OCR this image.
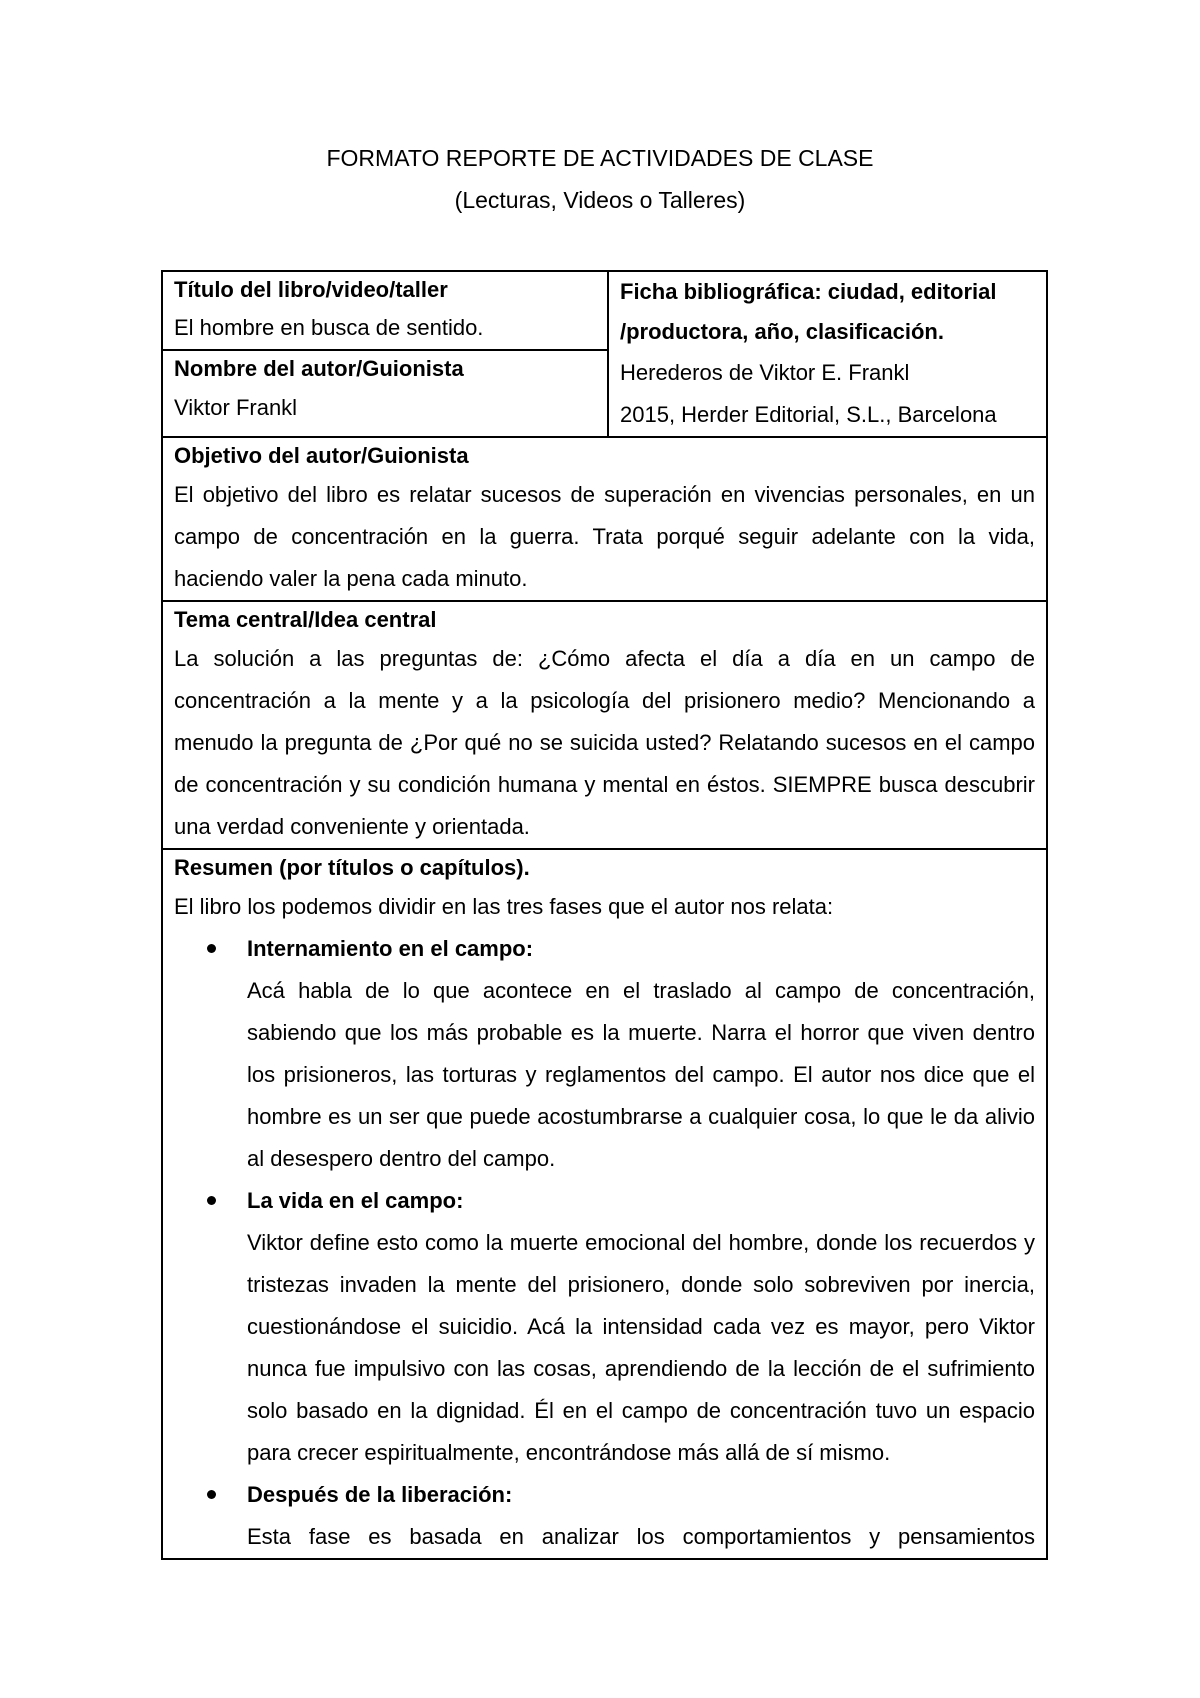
FORMATO REPORTE DE ACTIVIDADES DE CLASE
(Lecturas, Videos o Talleres)
Título del libro/video/taller
El hombre en busca de sentido.

Ficha bibliográfica: ciudad, editorial /productora, año, clasificación.
Herederos de Viktor E. Frankl
2015, Herder Editorial, S.L., Barcelona

Nombre del autor/Guionista
Viktor Frankl

Objetivo del autor/Guionista
El objetivo del libro es relatar sucesos de superación en vivencias personales, en un campo de concentración en la guerra. Trata porqué seguir adelante con la vida, haciendo valer la pena cada minuto.

Tema central/Idea central
La solución a las preguntas de: ¿Cómo afecta el día a día en un campo de concentración a la mente y a la psicología del prisionero medio? Mencionando a menudo la pregunta de ¿Por qué no se suicida usted? Relatando sucesos en el campo de concentración y su condición humana y mental en éstos. SIEMPRE busca descubrir una verdad conveniente y orientada.

Resumen (por títulos o capítulos).
El libro los podemos dividir en las tres fases que el autor nos relata:
Internamiento en el campo:
Acá habla de lo que acontece en el traslado al campo de concentración, sabiendo que los más probable es la muerte. Narra el horror que viven dentro los prisioneros, las torturas y reglamentos del campo. El autor nos dice que el hombre es un ser que puede acostumbrarse a cualquier cosa, lo que le da alivio al desespero dentro del campo.
La vida en el campo:
Viktor define esto como la muerte emocional del hombre, donde los recuerdos y tristezas invaden la mente del prisionero, donde solo sobreviven por inercia, cuestionándose el suicidio. Acá la intensidad cada vez es mayor, pero Viktor nunca fue impulsivo con las cosas, aprendiendo de la lección de el sufrimiento solo basado en la dignidad. Él en el campo de concentración tuvo un espacio para crecer espiritualmente, encontrándose más allá de sí mismo.
Después de la liberación:
Esta fase es basada en analizar los comportamientos y pensamientos
